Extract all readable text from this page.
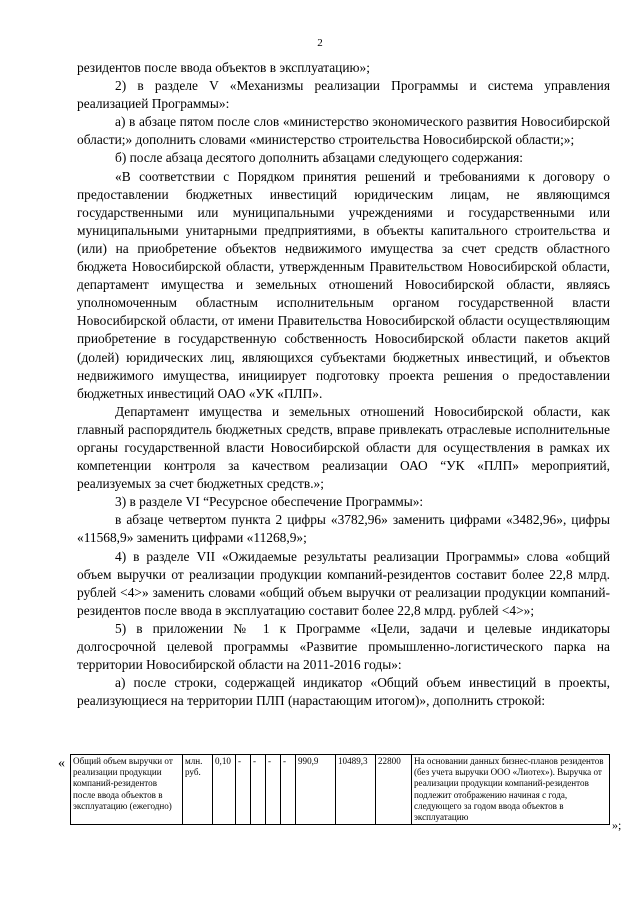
2

резидентов после ввода объектов в эксплуатацию»;

2) в разделе V «Механизмы реализации Программы и система управления реализацией Программы»:

а) в абзаце пятом после слов «министерство экономического развития Новосибирской области;» дополнить словами «министерство строительства Новосибирской области;»;

б) после абзаца десятого дополнить абзацами следующего содержания:

«В соответствии с Порядком принятия решений и требованиями к договору о предоставлении бюджетных инвестиций юридическим лицам, не являющимся государственными или муниципальными учреждениями и государственными или муниципальными унитарными предприятиями, в объекты капитального строительства и (или) на приобретение объектов недвижимого имущества за счет средств областного бюджета Новосибирской области, утвержденным Правительством Новосибирской области, департамент имущества и земельных отношений Новосибирской области, являясь уполномоченным областным исполнительным органом государственной власти Новосибирской области, от имени Правительства Новосибирской области осуществляющим приобретение в государственную собственность Новосибирской области пакетов акций (долей) юридических лиц, являющихся субъектами бюджетных инвестиций, и объектов недвижимого имущества, инициирует подготовку проекта решения о предоставлении бюджетных инвестиций ОАО «УК «ПЛП».

Департамент имущества и земельных отношений Новосибирской области, как главный распорядитель бюджетных средств, вправе привлекать отраслевые исполнительные органы государственной власти Новосибирской области для осуществления в рамках их компетенции контроля за качеством реализации ОАО “УК «ПЛП» мероприятий, реализуемых за счет бюджетных средств.»;

3) в разделе VI “Ресурсное обеспечение Программы»:

в абзаце четвертом пункта 2 цифры «3782,96» заменить цифрами «3482,96», цифры «11568,9» заменить цифрами «11268,9»;

4) в разделе VII «Ожидаемые результаты реализации Программы» слова «общий объем выручки от реализации продукции компаний-резидентов составит более 22,8 млрд. рублей <4>» заменить словами «общий объем выручки от реализации продукции компаний-резидентов после ввода в эксплуатацию составит более 22,8 млрд. рублей <4>»;

5) в приложении № 1 к Программе «Цели, задачи и целевые индикаторы долгосрочной целевой программы «Развитие промышленно-логистического парка на территории Новосибирской области на 2011-2016 годы»:

а) после строки, содержащей индикатор «Общий объем инвестиций в проекты, реализующиеся на территории ПЛП (нарастающим итогом)», дополнить строкой:

« Общий объем выручки от реализации продукции компаний-резидентов после ввода объектов в эксплуатацию (ежегодно)	млн. руб.	0,10	-	-	-	-	990,9	10489,3	22800	На основании данных бизнес-планов резидентов (без учета выручки ООО «Лиотех»). Выручка от реализации продукции компаний-резидентов подлежит отображению начиная с года, следующего за годом ввода объектов в эксплуатацию
»;
